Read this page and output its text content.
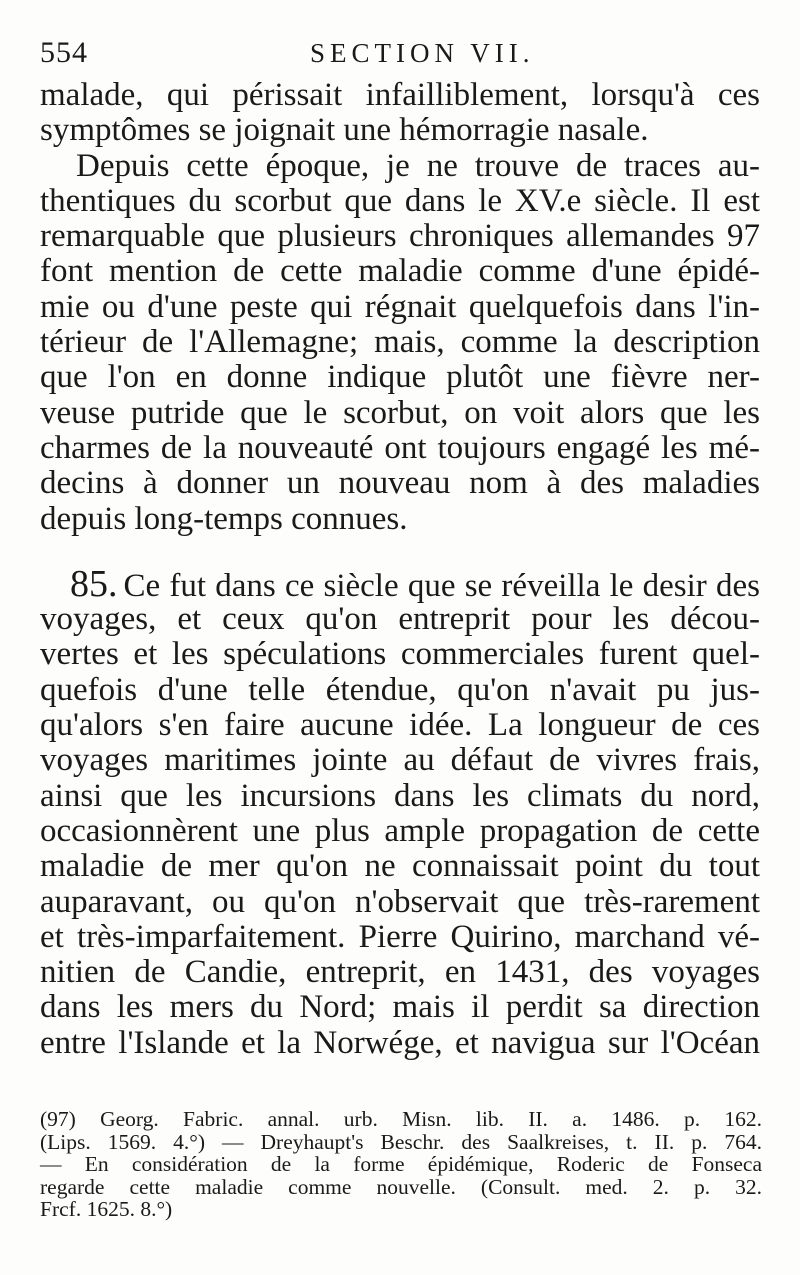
554	SECTION VII.
malade, qui périssait infailliblement, lorsqu'à ces
symptômes se joignait une hémorragie nasale.
Depuis cette époque, je ne trouve de traces au-
thentiques du scorbut que dans le XV.e siècle. Il est
remarquable que plusieurs chroniques allemandes 97
font mention de cette maladie comme d'une épidé-
mie ou d'une peste qui régnait quelquefois dans l'in-
térieur de l'Allemagne; mais, comme la description
que l'on en donne indique plutôt une fièvre ner-
veuse putride que le scorbut, on voit alors que les
charmes de la nouveauté ont toujours engagé les mé-
decins à donner un nouveau nom à des maladies
depuis long-temps connues.
85. Ce fut dans ce siècle que se réveilla le desir des
voyages, et ceux qu'on entreprit pour les décou-
vertes et les spéculations commerciales furent quel-
quefois d'une telle étendue, qu'on n'avait pu jus-
qu'alors s'en faire aucune idée. La longueur de ces
voyages maritimes jointe au défaut de vivres frais,
ainsi que les incursions dans les climats du nord,
occasionnèrent une plus ample propagation de cette
maladie de mer qu'on ne connaissait point du tout
auparavant, ou qu'on n'observait que très-rarement
et très-imparfaitement. Pierre Quirino, marchand vé-
nitien de Candie, entreprit, en 1431, des voyages
dans les mers du Nord; mais il perdit sa direction
entre l'Islande et la Norwége, et navigua sur l'Océan
(97) Georg. Fabric. annal. urb. Misn. lib. II. a. 1486. p. 162.
(Lips. 1569. 4.°) — Dreyhaupt's Beschr. des Saalkreises, t. II. p. 764.
— En considération de la forme épidémique, Roderic de Fonseca
regarde cette maladie comme nouvelle. (Consult. med. 2. p. 32.
Frcf. 1625. 8.°)
